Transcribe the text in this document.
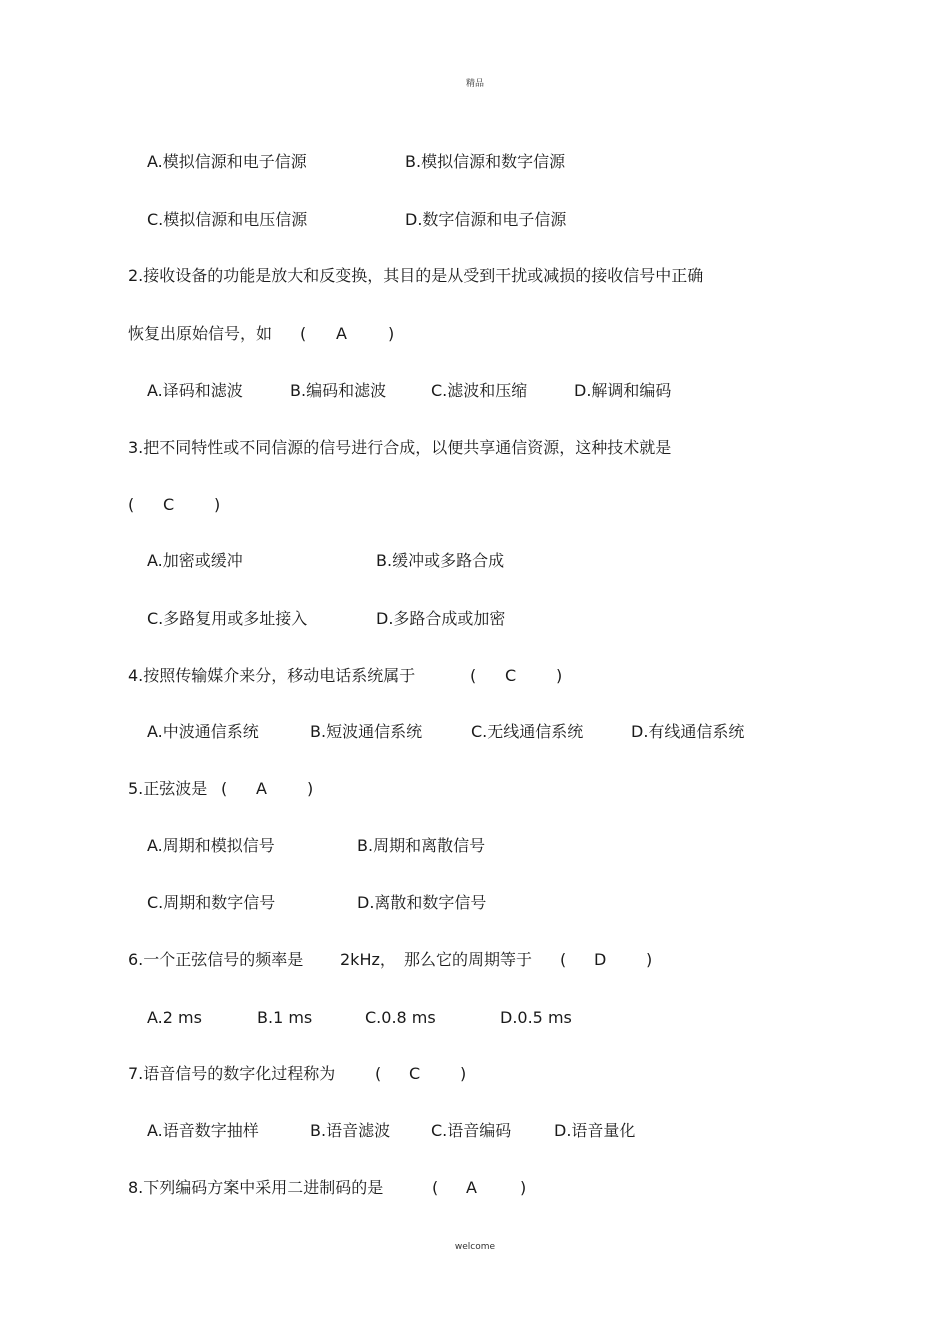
精品
A.模拟信源和电子信源	B.模拟信源和数字信源
C.模拟信源和电压信源	D.数字信源和电子信源
2.接收设备的功能是放大和反变换，其目的是从受到干扰或减损的接收信号中正确
恢复出原始信号，如 ( A	)
A.译码和滤波	B.编码和滤波	C.滤波和压缩	D.解调和编码
3.把不同特性或不同信源的信号进行合成，以便共享通信资源，这种技术就是
( C )
A.加密或缓冲	B.缓冲或多路合成
C.多路复用或多址接入	D.多路合成或加密
4.按照传输媒介来分，移动电话系统属于	( C )
A.中波通信系统	B.短波通信系统	C.无线通信系统	D.有线通信系统
5.正弦波是 ( A	)
A.周期和模拟信号	B.周期和离散信号
C.周期和数字信号	D.离散和数字信号
6.一个正弦信号的频率是 2kHz， 那么它的周期等于 ( D )
A.2 ms	B.1 ms	C.0.8 ms	D.0.5 ms
7.语音信号的数字化过程称为 ( C )
A.语音数字抽样	B.语音滤波	C.语音编码	D.语音量化
8.下列编码方案中采用二进制码的是	( A	)
welcome
